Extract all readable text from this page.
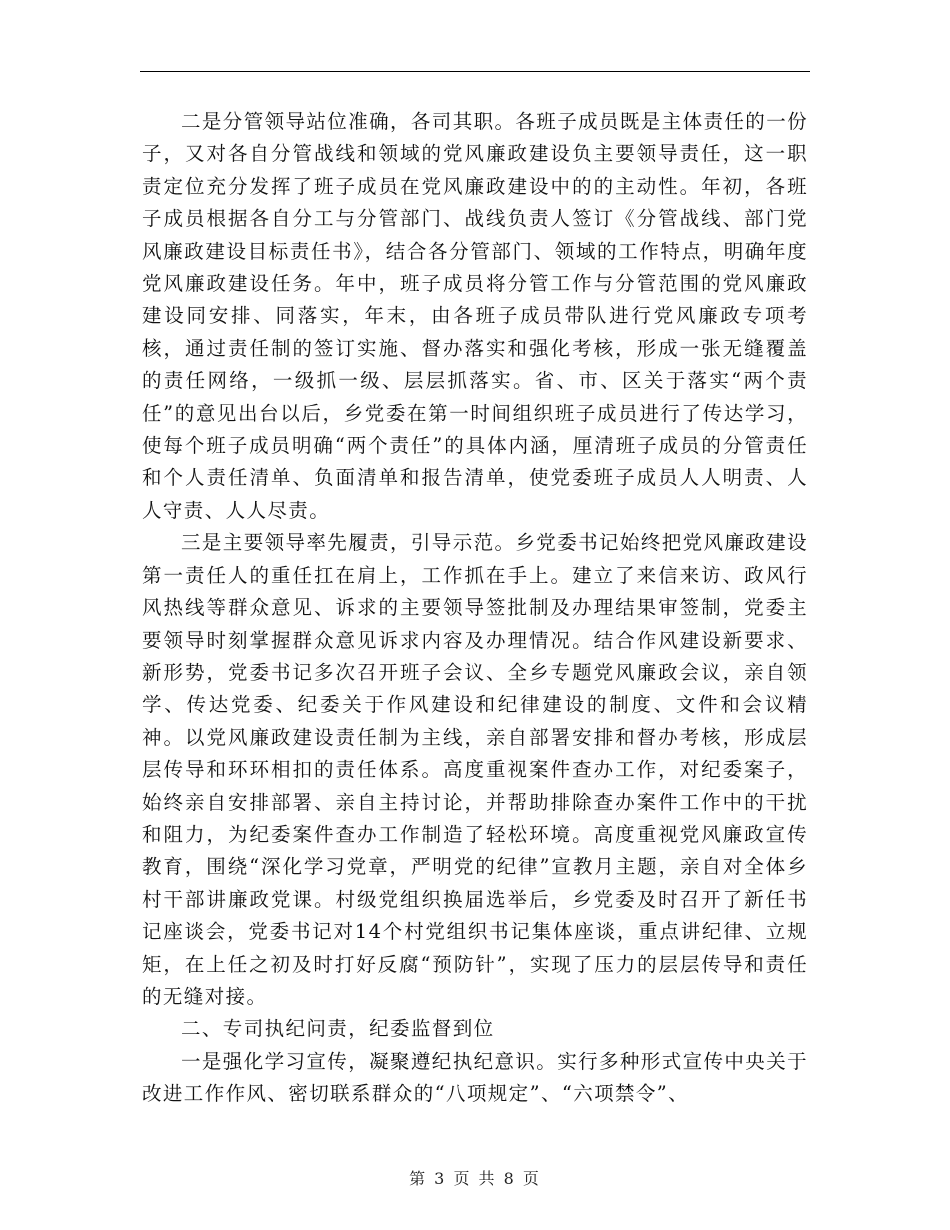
二是分管领导站位准确，各司其职。各班子成员既是主体责任的一份子，又对各自分管战线和领域的党风廉政建设负主要领导责任，这一职责定位充分发挥了班子成员在党风廉政建设中的的主动性。年初，各班子成员根据各自分工与分管部门、战线负责人签订《分管战线、部门党风廉政建设目标责任书》，结合各分管部门、领域的工作特点，明确年度党风廉政建设任务。年中，班子成员将分管工作与分管范围的党风廉政建设同安排、同落实，年末，由各班子成员带队进行党风廉政专项考核，通过责任制的签订实施、督办落实和强化考核，形成一张无缝覆盖的责任网络，一级抓一级、层层抓落实。省、市、区关于落实“两个责任”的意见出台以后，乡党委在第一时间组织班子成员进行了传达学习，使每个班子成员明确“两个责任”的具体内涵，厘清班子成员的分管责任和个人责任清单、负面清单和报告清单，使党委班子成员人人明责、人人守责、人人尽责。

三是主要领导率先履责，引导示范。乡党委书记始终把党风廉政建设第一责任人的重任扛在肩上，工作抓在手上。建立了来信来访、政风行风热线等群众意见、诉求的主要领导签批制及办理结果审签制，党委主要领导时刻掌握群众意见诉求内容及办理情况。结合作风建设新要求、新形势，党委书记多次召开班子会议、全乡专题党风廉政会议，亲自领学、传达党委、纪委关于作风建设和纪律建设的制度、文件和会议精神。以党风廉政建设责任制为主线，亲自部署安排和督办考核，形成层层传导和环环相扣的责任体系。高度重视案件查办工作，对纪委案子，始终亲自安排部署、亲自主持讨论，并帮助排除查办案件工作中的干扰和阻力，为纪委案件查办工作制造了轻松环境。高度重视党风廉政宣传教育，围绕“深化学习党章，严明党的纪律”宣教月主题，亲自对全体乡村干部讲廉政党课。村级党组织换届选举后，乡党委及时召开了新任书记座谈会，党委书记对14个村党组织书记集体座谈，重点讲纪律、立规矩，在上任之初及时打好反腐“预防针”，实现了压力的层层传导和责任的无缝对接。

二、专司执纪问责，纪委监督到位

一是强化学习宣传，凝聚遵纪执纪意识。实行多种形式宣传中央关于改进工作作风、密切联系群众的“八项规定”、“六项禁令”、

第 3 页 共 8 页
